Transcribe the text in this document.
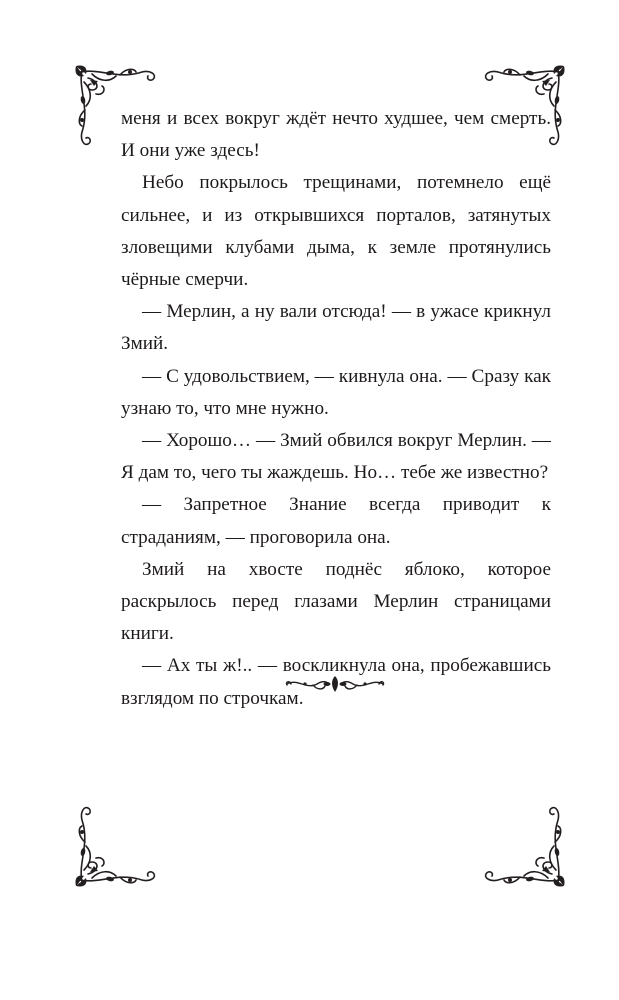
меня и всех вокруг ждёт нечто худшее, чем смерть. И они уже здесь!

Небо покрылось трещинами, потемнело ещё сильнее, и из открывшихся порталов, затянутых зловещими клубами дыма, к земле протянулись чёрные смерчи.

— Мерлин, а ну вали отсюда! — в ужасе крикнул Змий.

— С удовольствием, — кивнула она. — Сразу как узнаю то, что мне нужно.

— Хорошо… — Змий обвился вокруг Мерлин. — Я дам то, чего ты жаждешь. Но… тебе же известно?

— Запретное Знание всегда приводит к страданиям, — проговорила она.

Змий на хвосте поднёс яблоко, которое раскрылось перед глазами Мерлин страницами книги.

— Ах ты ж!.. — воскликнула она, пробежавшись взглядом по строчкам.
